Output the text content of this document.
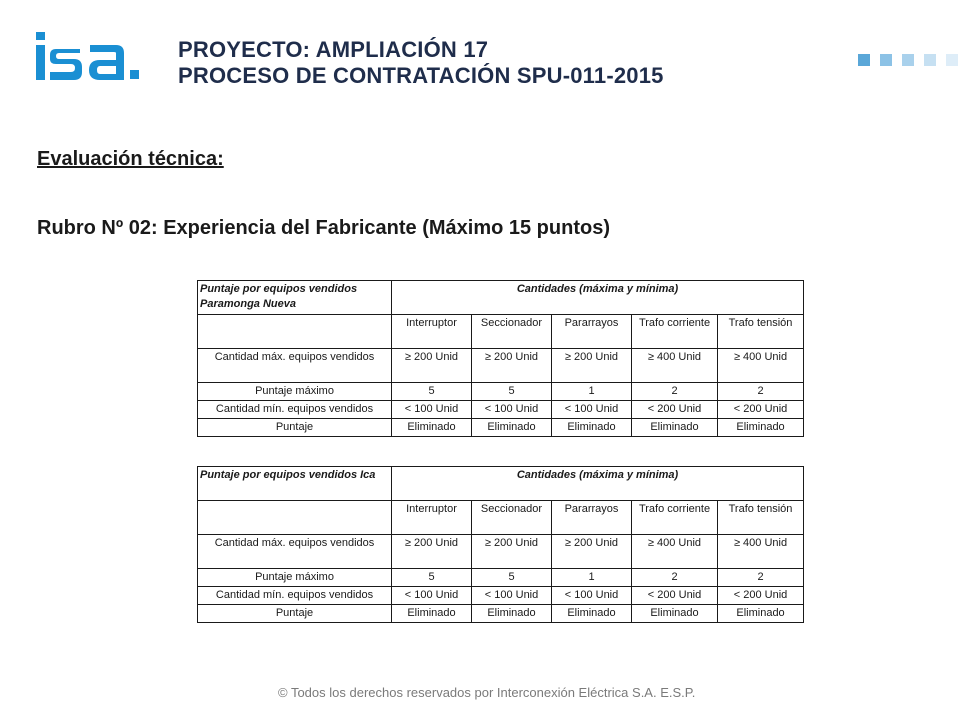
PROYECTO: AMPLIACIÓN 17
PROCESO DE CONTRATACIÓN SPU-011-2015
Evaluación técnica:
Rubro Nº 02: Experiencia del Fabricante (Máximo 15 puntos)
Puntaje por equipos vendidos Paramonga Nueva	Cantidades (máxima y mínima)				
	Interruptor	Seccionador	Pararrayos	Trafo corriente	Trafo tensión
Cantidad máx. equipos vendidos	≥ 200 Unid	≥ 200 Unid	≥ 200 Unid	≥ 400 Unid	≥ 400 Unid
Puntaje máximo	5	5	1	2	2
Cantidad mín. equipos vendidos	< 100 Unid	< 100 Unid	< 100 Unid	< 200 Unid	< 200 Unid
Puntaje	Eliminado	Eliminado	Eliminado	Eliminado	Eliminado
Puntaje por equipos vendidos Ica	Cantidades (máxima y mínima)				
	Interruptor	Seccionador	Pararrayos	Trafo corriente	Trafo tensión
Cantidad máx. equipos vendidos	≥ 200 Unid	≥ 200 Unid	≥ 200 Unid	≥ 400 Unid	≥ 400 Unid
Puntaje máximo	5	5	1	2	2
Cantidad mín. equipos vendidos	< 100 Unid	< 100 Unid	< 100 Unid	< 200 Unid	< 200 Unid
Puntaje	Eliminado	Eliminado	Eliminado	Eliminado	Eliminado
© Todos los derechos reservados por Interconexión Eléctrica S.A. E.S.P.
